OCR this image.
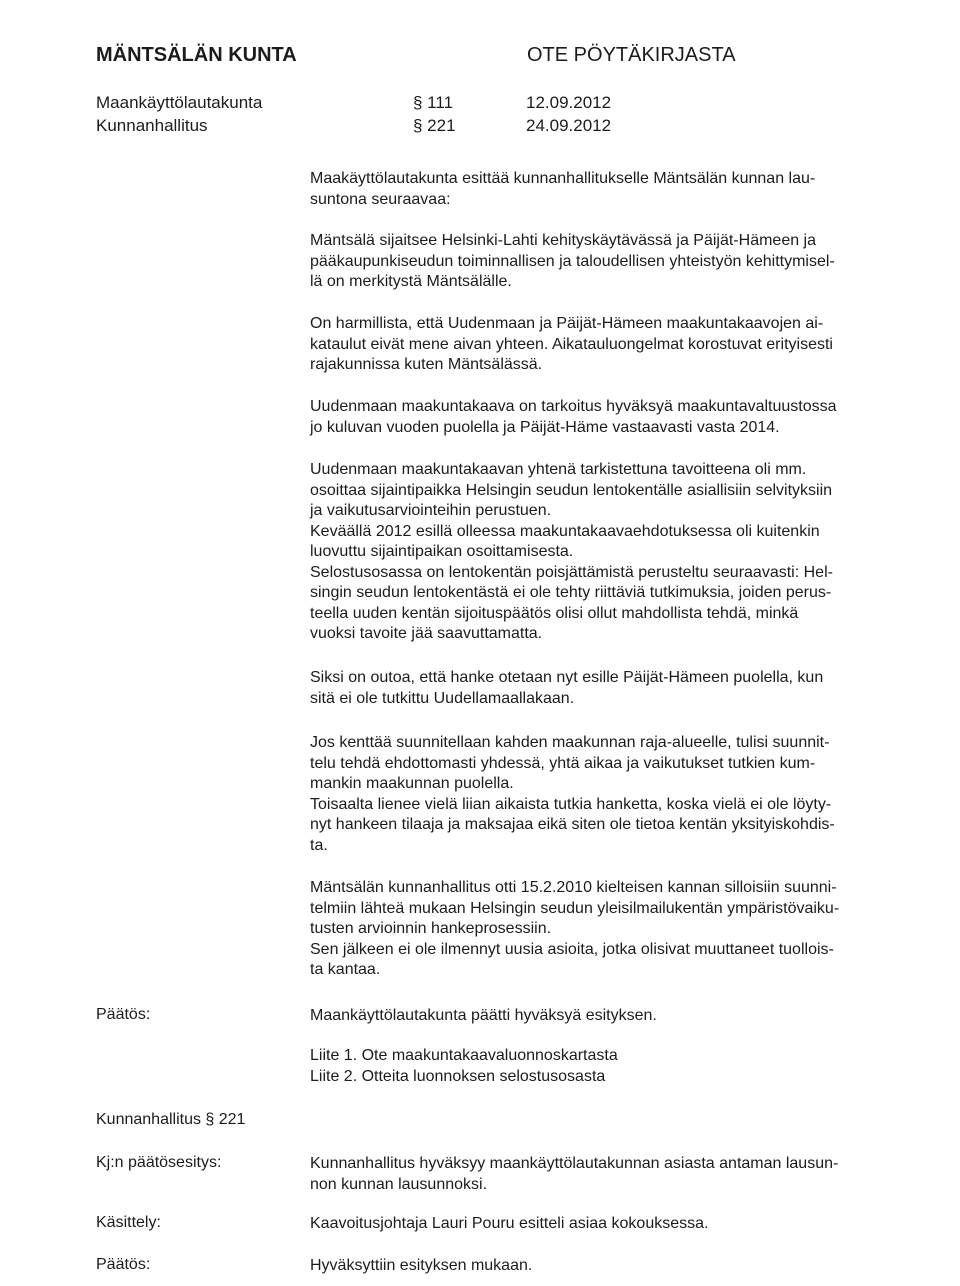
MÄNTSÄLÄN KUNTA	OTE PÖYTÄKIRJASTA
Maankäyttölautakunta	§ 111	12.09.2012
Kunnanhallitus	§ 221	24.09.2012

Maakäyttölautakunta esittää kunnanhallitukselle Mäntsälän kunnan lau-

suntona seuraavaa:

Mäntsälä sijaitsee Helsinki-Lahti kehityskäytävässä ja Päijät-Hämeen ja

pääkaupunkiseudun toiminnallisen ja taloudellisen yhteistyön kehittymisel-

lä on merkitystä Mäntsälälle.

On harmillista, että Uudenmaan ja Päijät-Hämeen maakuntakaavojen ai-

kataulut eivät mene aivan yhteen. Aikatauluongelmat korostuvat erityisesti

rajakunnissa kuten Mäntsälässä.

Uudenmaan maakuntakaava on tarkoitus hyväksyä maakuntavaltuustossa

jo kuluvan vuoden puolella ja Päijät-Häme vastaavasti vasta 2014.

Uudenmaan maakuntakaavan yhtenä tarkistettuna tavoitteena oli mm.

osoittaa sijaintipaikka Helsingin seudun lentokentälle asiallisiin selvityksiin

ja vaikutusarviointeihin perustuen.

Keväällä 2012 esillä olleessa maakuntakaavaehdotuksessa oli kuitenkin

luovuttu sijaintipaikan osoittamisesta.

Selostusosassa on lentokentän poisjättämistä perusteltu seuraavasti: Hel-

singin seudun lentokentästä ei ole tehty riittäviä tutkimuksia, joiden perus-

teella uuden kentän sijoituspäätös olisi ollut mahdollista tehdä, minkä

vuoksi tavoite jää saavuttamatta.

Siksi on outoa, että hanke otetaan nyt esille Päijät-Hämeen puolella, kun

sitä ei ole tutkittu Uudellamaallakaan.

Jos kenttää suunnitellaan kahden maakunnan raja-alueelle, tulisi suunnit-

telu tehdä ehdottomasti yhdessä, yhtä aikaa ja vaikutukset tutkien kum-

mankin maakunnan puolella.

Toisaalta lienee vielä liian aikaista tutkia hanketta, koska vielä ei ole löyty-

nyt hankeen tilaaja ja maksajaa eikä siten ole tietoa kentän yksityiskohdis-

ta.

Mäntsälän kunnanhallitus otti 15.2.2010 kielteisen kannan silloisiin suunni-

telmiin lähteä mukaan Helsingin seudun yleisilmailukentän ympäristövaiku-

tusten arvioinnin hankeprosessiin.

Sen jälkeen ei ole ilmennyt uusia asioita, jotka olisivat muuttaneet tuollois-

ta kantaa.

Päätös:	Maankäyttölautakunta päätti hyväksyä esityksen.

Liite 1. Ote maakuntakaavaluonnoskartasta

Liite 2. Otteita luonnoksen selostusosasta

Kunnanhallitus § 221
Kj:n päätösesitys:	Kunnanhallitus hyväksyy maankäyttölautakunnan asiasta antaman lausun-

non kunnan lausunnoksi.

Käsittely:	Kaavoitusjohtaja Lauri Pouru esitteli asiaa kokouksessa.

Päätös:	Hyväksyttiin esityksen mukaan.
